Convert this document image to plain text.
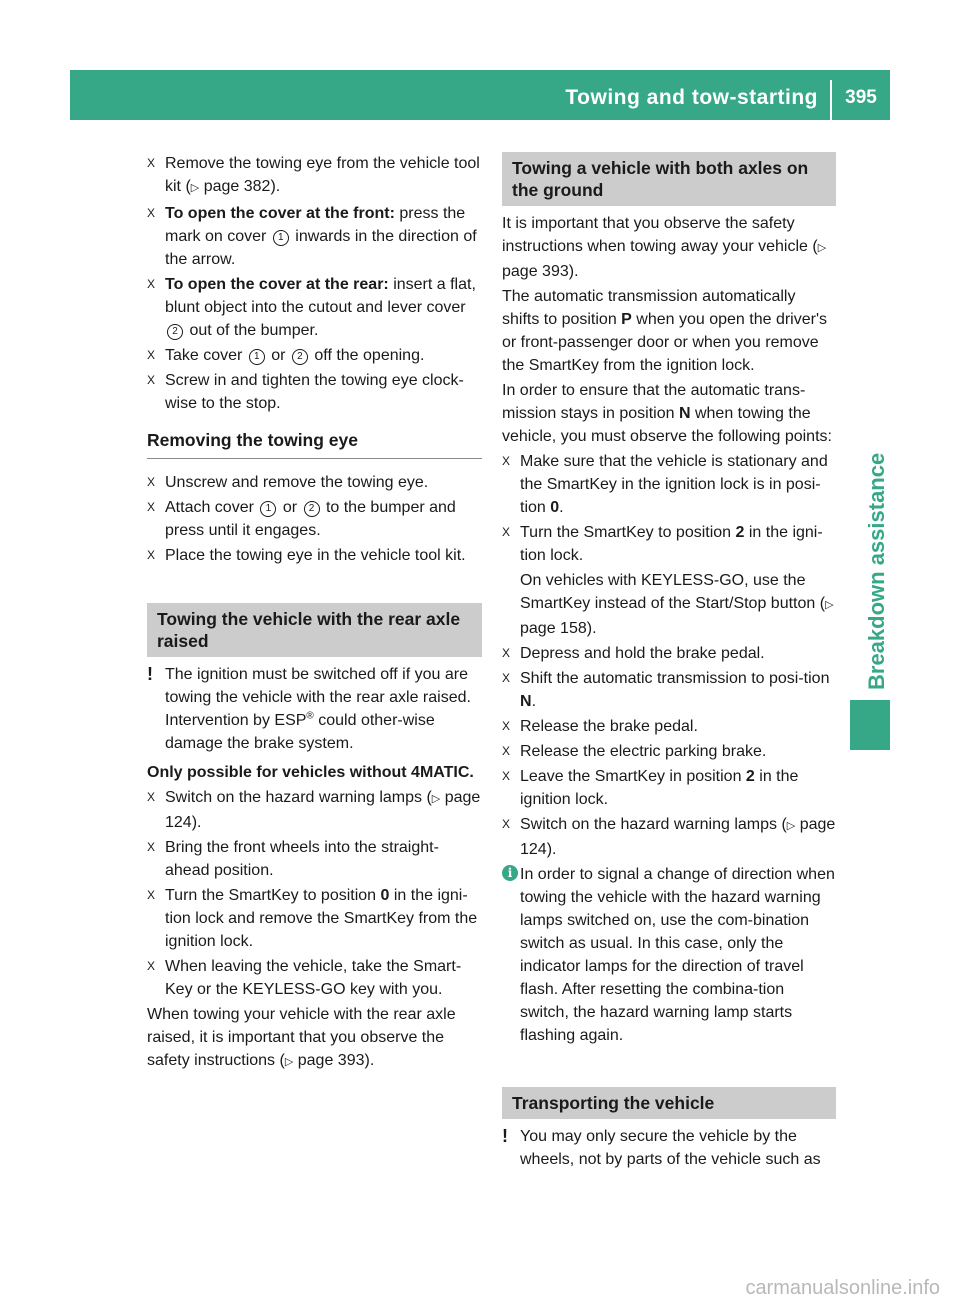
Towing and tow-starting	395
Breakdown assistance
X Remove the towing eye from the vehicle tool kit (▷ page 382).
X To open the cover at the front: press the mark on cover 1 inwards in the direction of the arrow.
X To open the cover at the rear: insert a flat, blunt object into the cutout and lever cover 2 out of the bumper.
X Take cover 1 or 2 off the opening.
X Screw in and tighten the towing eye clock-wise to the stop.
Removing the towing eye
X Unscrew and remove the towing eye.
X Attach cover 1 or 2 to the bumper and press until it engages.
X Place the towing eye in the vehicle tool kit.
Towing the vehicle with the rear axle raised
! The ignition must be switched off if you are towing the vehicle with the rear axle raised. Intervention by ESP® could other-wise damage the brake system.

Only possible for vehicles without 4MATIC.

X Switch on the hazard warning lamps (▷ page 124).
X Bring the front wheels into the straight-ahead position.
X Turn the SmartKey to position 0 in the igni-tion lock and remove the SmartKey from the ignition lock.
X When leaving the vehicle, take the Smart-Key or the KEYLESS-GO key with you.

When towing your vehicle with the rear axle raised, it is important that you observe the safety instructions (▷ page 393).

Towing a vehicle with both axles on the ground

It is important that you observe the safety instructions when towing away your vehicle (▷ page 393).

The automatic transmission automatically shifts to position P when you open the driver's or front-passenger door or when you remove the SmartKey from the ignition lock.

In order to ensure that the automatic trans-mission stays in position N when towing the vehicle, you must observe the following points:

X Make sure that the vehicle is stationary and the SmartKey in the ignition lock is in posi-tion 0.
X Turn the SmartKey to position 2 in the igni-tion lock.
On vehicles with KEYLESS-GO, use the SmartKey instead of the Start/Stop button (▷ page 158).
X Depress and hold the brake pedal.
X Shift the automatic transmission to posi-tion N.
X Release the brake pedal.
X Release the electric parking brake.
X Leave the SmartKey in position 2 in the ignition lock.
X Switch on the hazard warning lamps (▷ page 124).
i In order to signal a change of direction when towing the vehicle with the hazard warning lamps switched on, use the com-bination switch as usual. In this case, only the indicator lamps for the direction of travel flash. After resetting the combina-tion switch, the hazard warning lamp starts flashing again.
Transporting the vehicle
! You may only secure the vehicle by the wheels, not by parts of the vehicle such as
carmanualsonline.info
